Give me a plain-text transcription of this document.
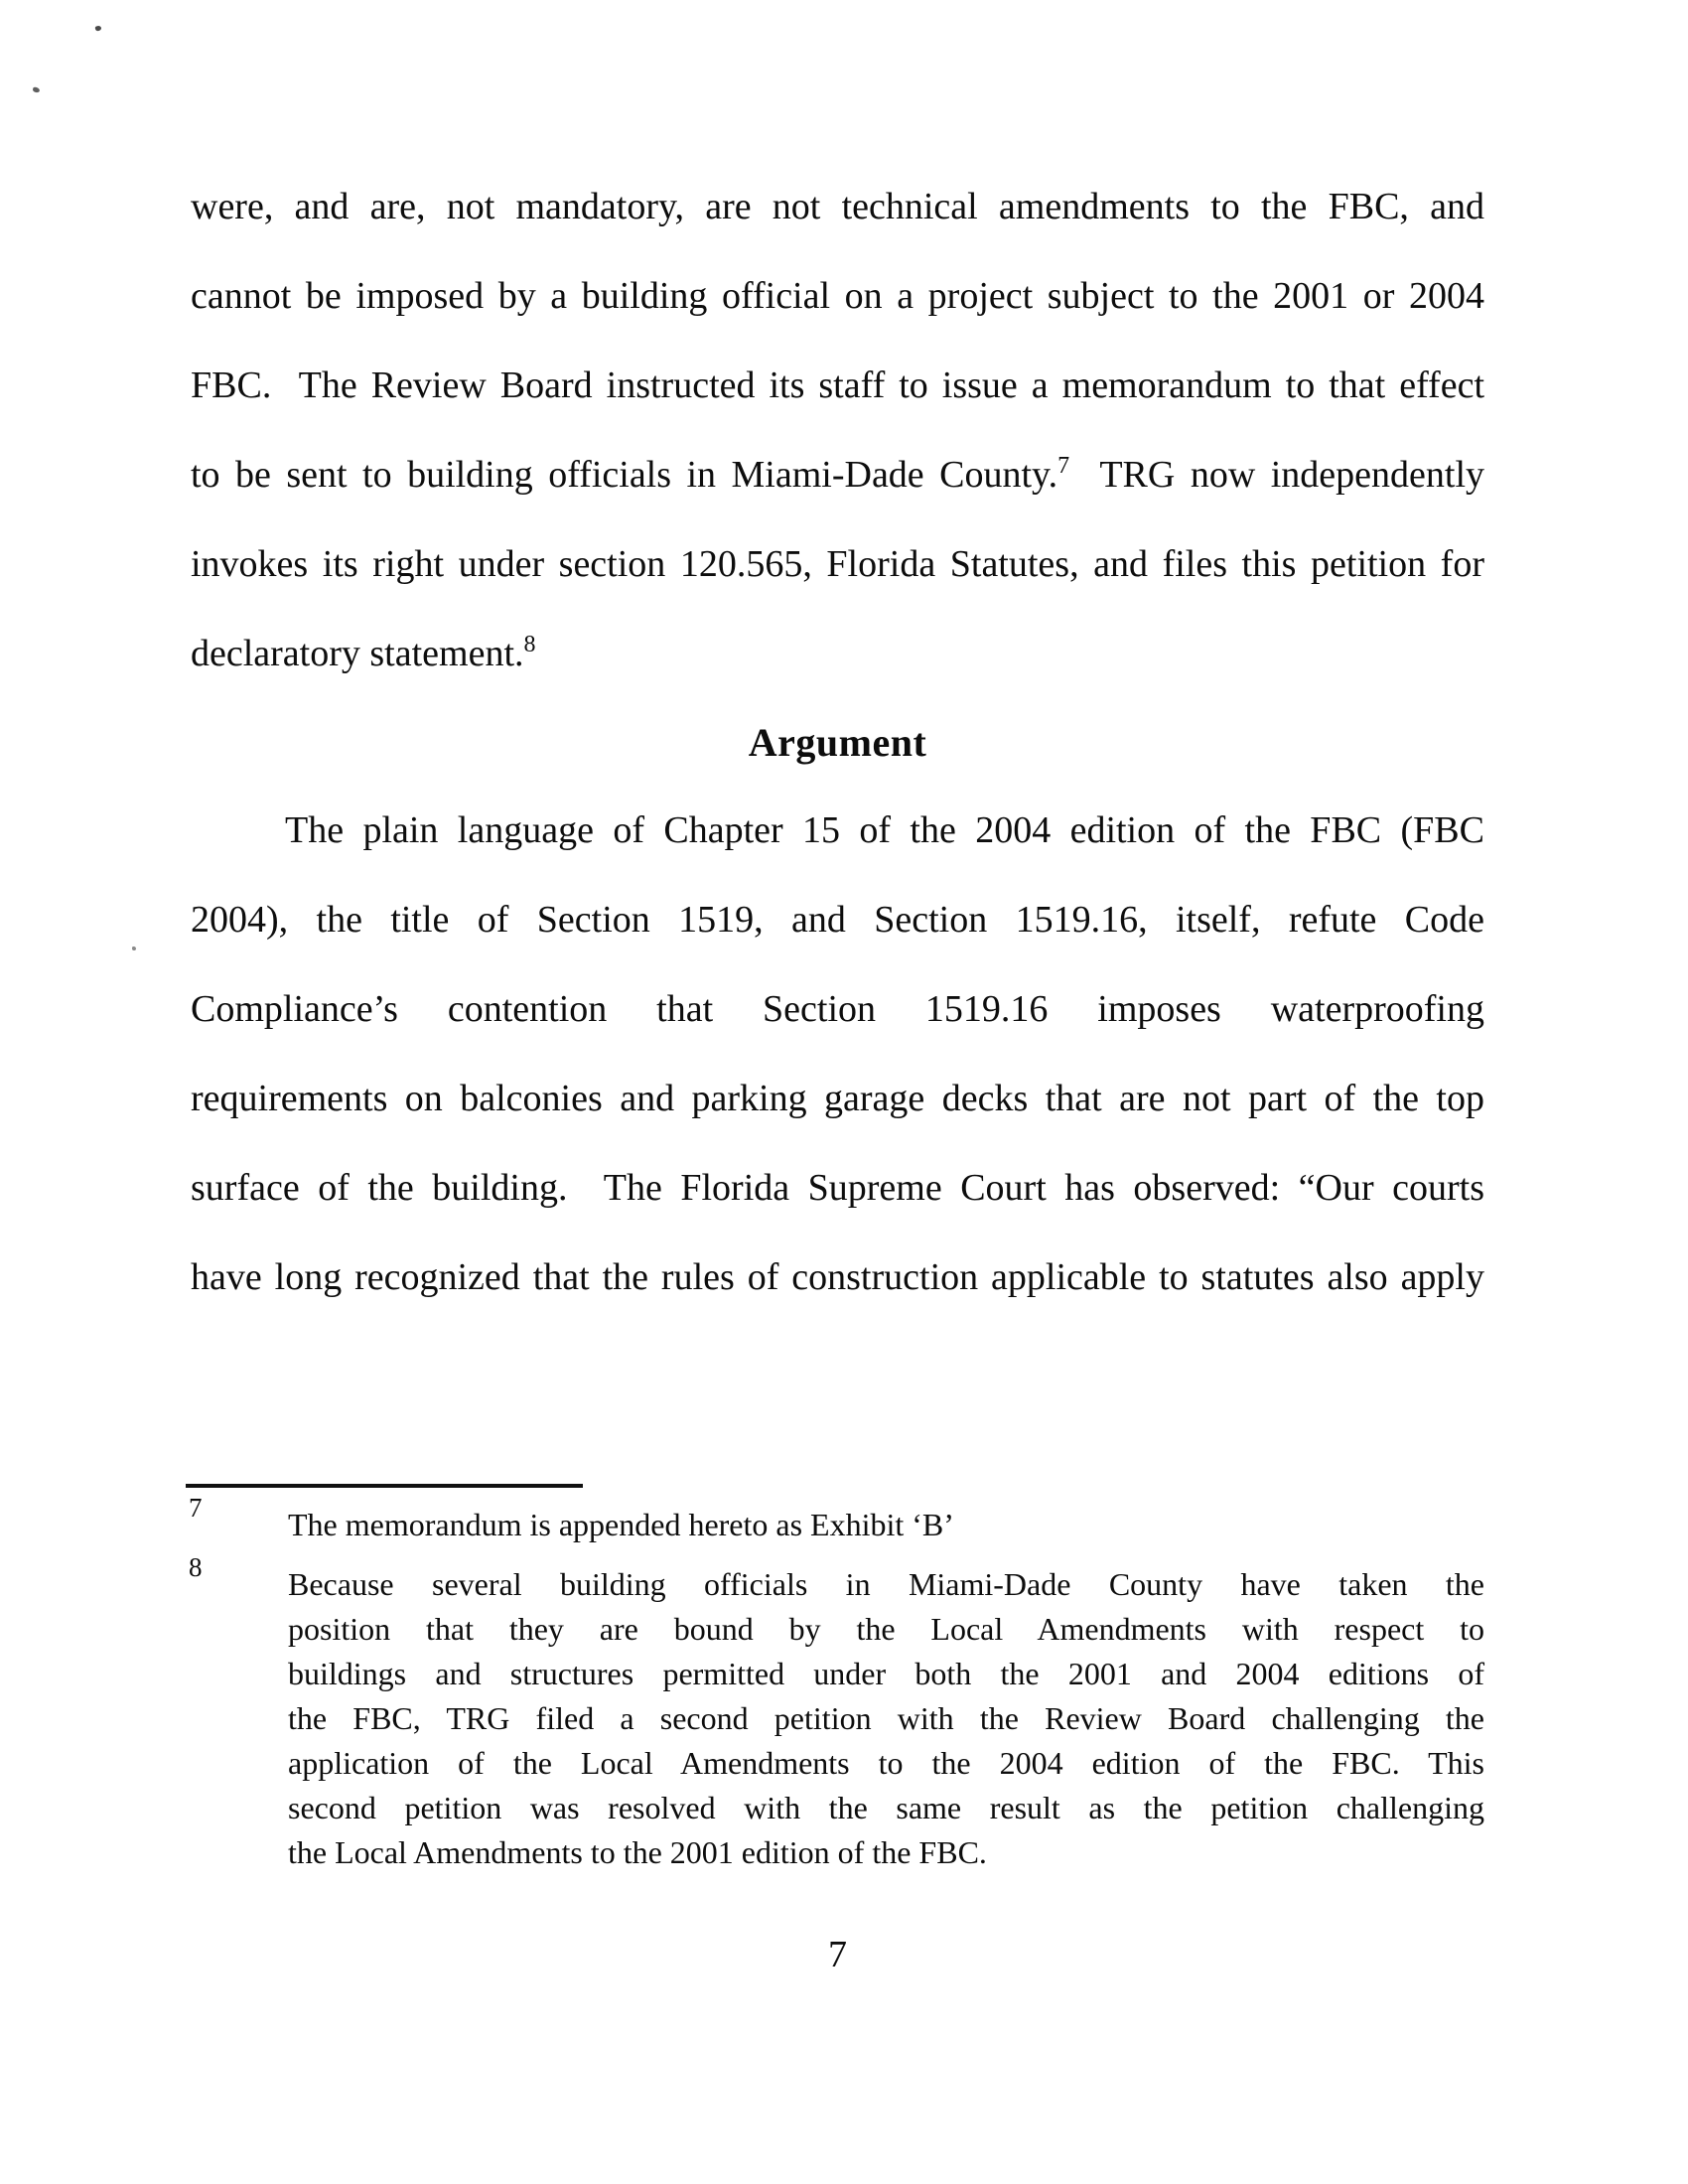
were, and are, not mandatory, are not technical amendments to the FBC, and
cannot be imposed by a building official on a project subject to the 2001 or 2004
FBC.  The Review Board instructed its staff to issue a memorandum to that effect
to be sent to building officials in Miami-Dade County.$^7$  TRG now independently
invokes its right under section 120.565, Florida Statutes, and files this petition for
declaratory statement.$^8$
Argument
The plain language of Chapter 15 of the 2004 edition of the FBC (FBC
2004), the title of Section 1519, and Section 1519.16, itself, refute Code
Compliance’s contention that Section 1519.16 imposes waterproofing
requirements on balconies and parking garage decks that are not part of the top
surface of the building.  The Florida Supreme Court has observed: “Our courts
have long recognized that the rules of construction applicable to statutes also apply
7	The memorandum is appended hereto as Exhibit ‘B’
8	Because several building officials in Miami-Dade County have taken the
position that they are bound by the Local Amendments with respect to
buildings and structures permitted under both the 2001 and 2004 editions of
the FBC, TRG filed a second petition with the Review Board challenging the
application of the Local Amendments to the 2004 edition of the FBC. This
second petition was resolved with the same result as the petition challenging
the Local Amendments to the 2001 edition of the FBC.
7
